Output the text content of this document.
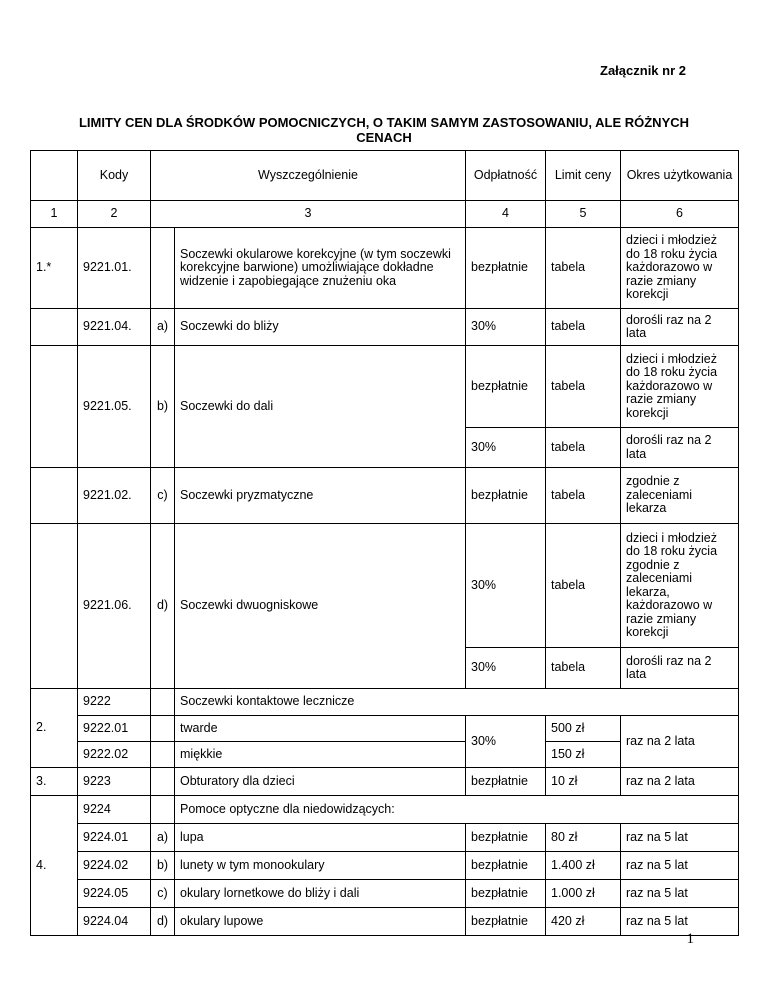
Załącznik nr 2
LIMITY CEN DLA ŚRODKÓW POMOCNICZYCH, O TAKIM SAMYM ZASTOSOWANIU, ALE RÓŻNYCH CENACH
	Kody	Wyszczególnienie		Odpłatność	Limit ceny	Okres użytkowania
1	2	3		4	5	6
1.*	9221.01.		Soczewki okularowe korekcyjne (w tym soczewki korekcyjne barwione) umożliwiające dokładne widzenie i zapobiegające znużeniu oka	bezpłatnie	tabela	dzieci i młodzież do 18 roku życia każdorazowo w razie zmiany korekcji
	9221.04.	a)	Soczewki do bliży	30%	tabela	dorośli raz na 2 lata
	9221.05.	b)	Soczewki do dali	bezpłatnie	tabela	dzieci i młodzież do 18 roku życia każdorazowo w razie zmiany korekcji
				30%	tabela	dorośli raz na 2 lata
	9221.02.	c)	Soczewki pryzmatyczne	bezpłatnie	tabela	zgodnie z zaleceniami lekarza
	9221.06.	d)	Soczewki dwuogniskowe	30%	tabela	dzieci i młodzież do 18 roku życia zgodnie z zaleceniami lekarza, każdorazowo w razie zmiany korekcji
				30%	tabela	dorośli raz na 2 lata
2.	9222		Soczewki kontaktowe lecznicze			
	9222.01		twarde	30%	500 zł	raz na 2 lata
	9222.02		miękkie		150 zł	
3.	9223		Obturatory dla dzieci	bezpłatnie	10 zł	raz na 2 lata
4.	9224		Pomoce optyczne dla niedowidzących:			
	9224.01	a)	lupa	bezpłatnie	80 zł	raz na 5 lat
	9224.02	b)	lunety w tym monookulary	bezpłatnie	1.400 zł	raz na 5 lat
	9224.05	c)	okulary lornetkowe do bliży i dali	bezpłatnie	1.000 zł	raz na 5 lat
	9224.04	d)	okulary lupowe	bezpłatnie	420 zł	raz na 5 lat
1
